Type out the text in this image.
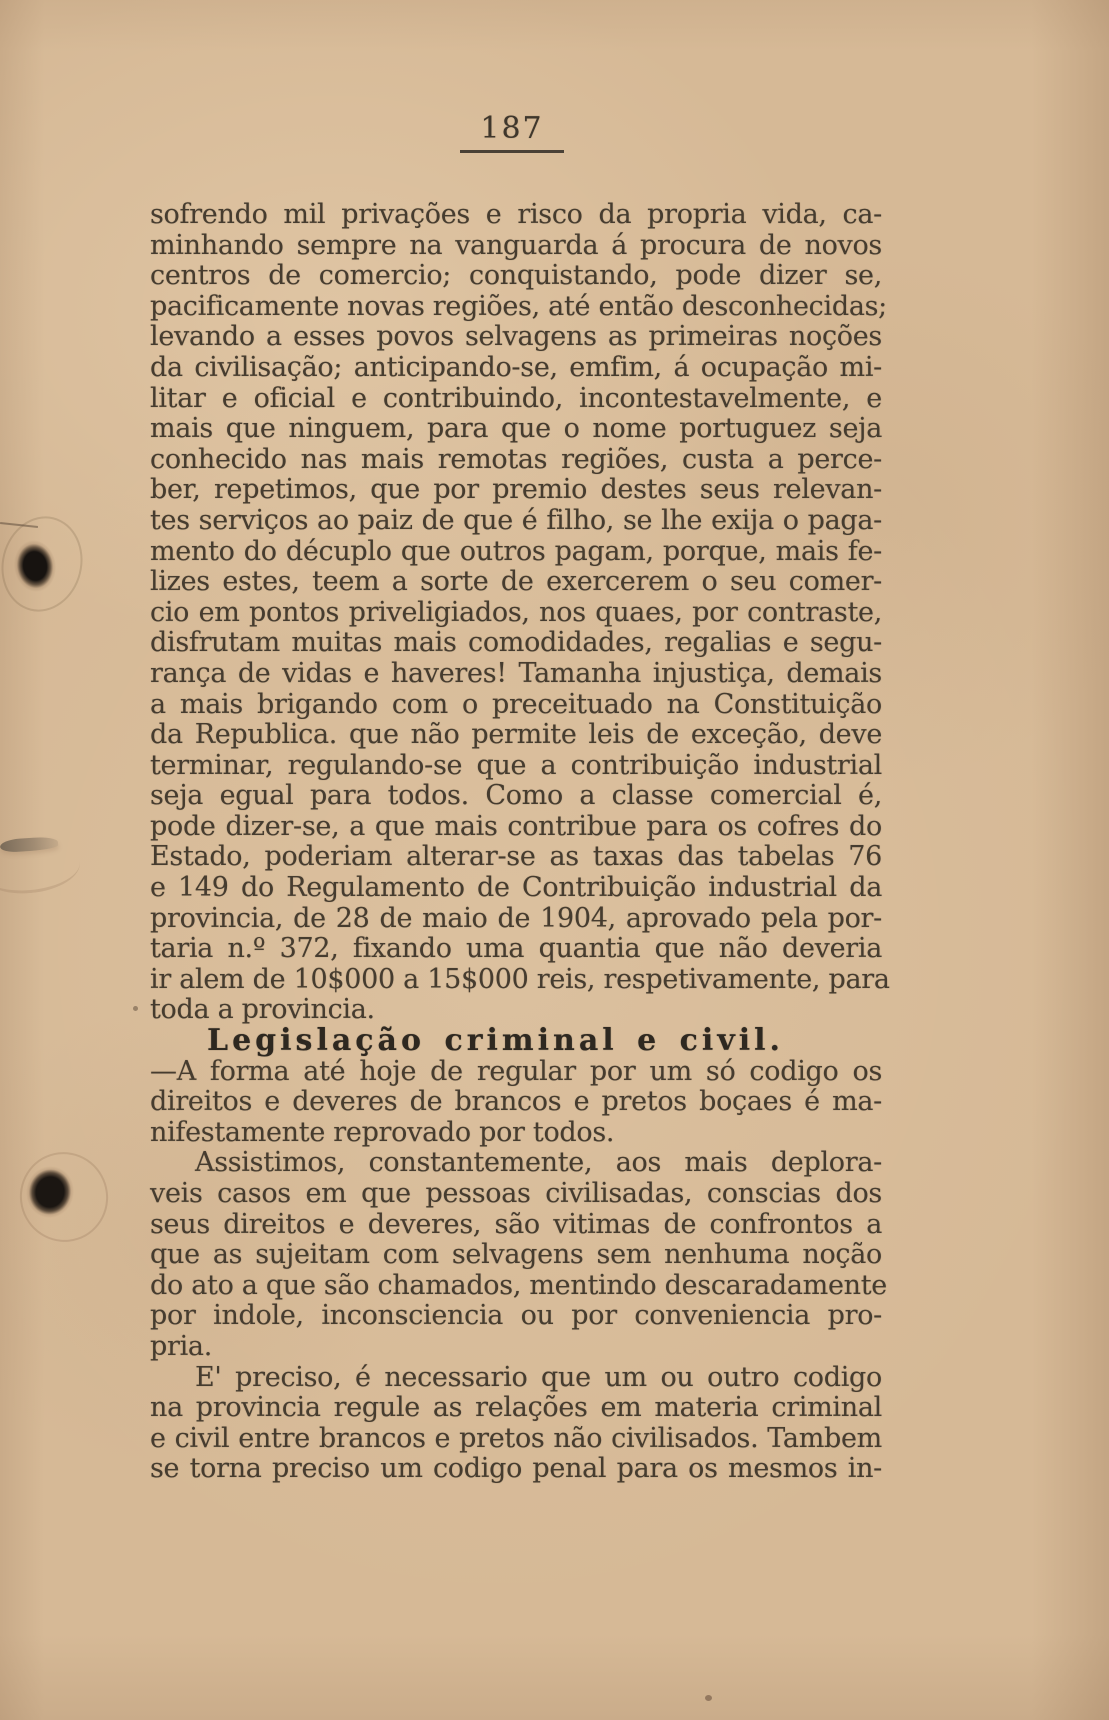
187
sofrendo mil privações e risco da propria vida, ca-
minhando sempre na vanguarda á procura de novos
centros de comercio; conquistando, pode dizer se,
pacificamente novas regiões, até então desconhecidas;
levando a esses povos selvagens as primeiras noções
da civilisação; anticipando-se, emfim, á ocupação mi-
litar e oficial e contribuindo, incontestavelmente, e
mais que ninguem, para que o nome portuguez seja
conhecido nas mais remotas regiões, custa a perce-
ber, repetimos, que por premio destes seus relevan-
tes serviços ao paiz de que é filho, se lhe exija o paga-
mento do décuplo que outros pagam, porque, mais fe-
lizes estes, teem a sorte de exercerem o seu comer-
cio em pontos priveligiados, nos quaes, por contraste,
disfrutam muitas mais comodidades, regalias e segu-
rança de vidas e haveres! Tamanha injustiça, demais
a mais brigando com o preceituado na Constituição
da Republica. que não permite leis de exceção, deve
terminar, regulando-se que a contribuição industrial
seja egual para todos. Como a classe comercial é,
pode dizer-se, a que mais contribue para os cofres do
Estado, poderiam alterar-se as taxas das tabelas 76
e 149 do Regulamento de Contribuição industrial da
provincia, de 28 de maio de 1904, aprovado pela por-
taria n.º 372, fixando uma quantia que não deveria
ir alem de 10$000 a 15$000 reis, respetivamente, para
toda a provincia.
Legislação criminal e civil.
—A forma até hoje de regular por um só codigo os
direitos e deveres de brancos e pretos boçaes é ma-
nifestamente reprovado por todos.
Assistimos, constantemente, aos mais deplora-
veis casos em que pessoas civilisadas, conscias dos
seus direitos e deveres, são vitimas de confrontos a
que as sujeitam com selvagens sem nenhuma noção
do ato a que são chamados, mentindo descaradamente
por indole, inconsciencia ou por conveniencia pro-
pria.
E' preciso, é necessario que um ou outro codigo
na provincia regule as relações em materia criminal
e civil entre brancos e pretos não civilisados. Tambem
se torna preciso um codigo penal para os mesmos in-
